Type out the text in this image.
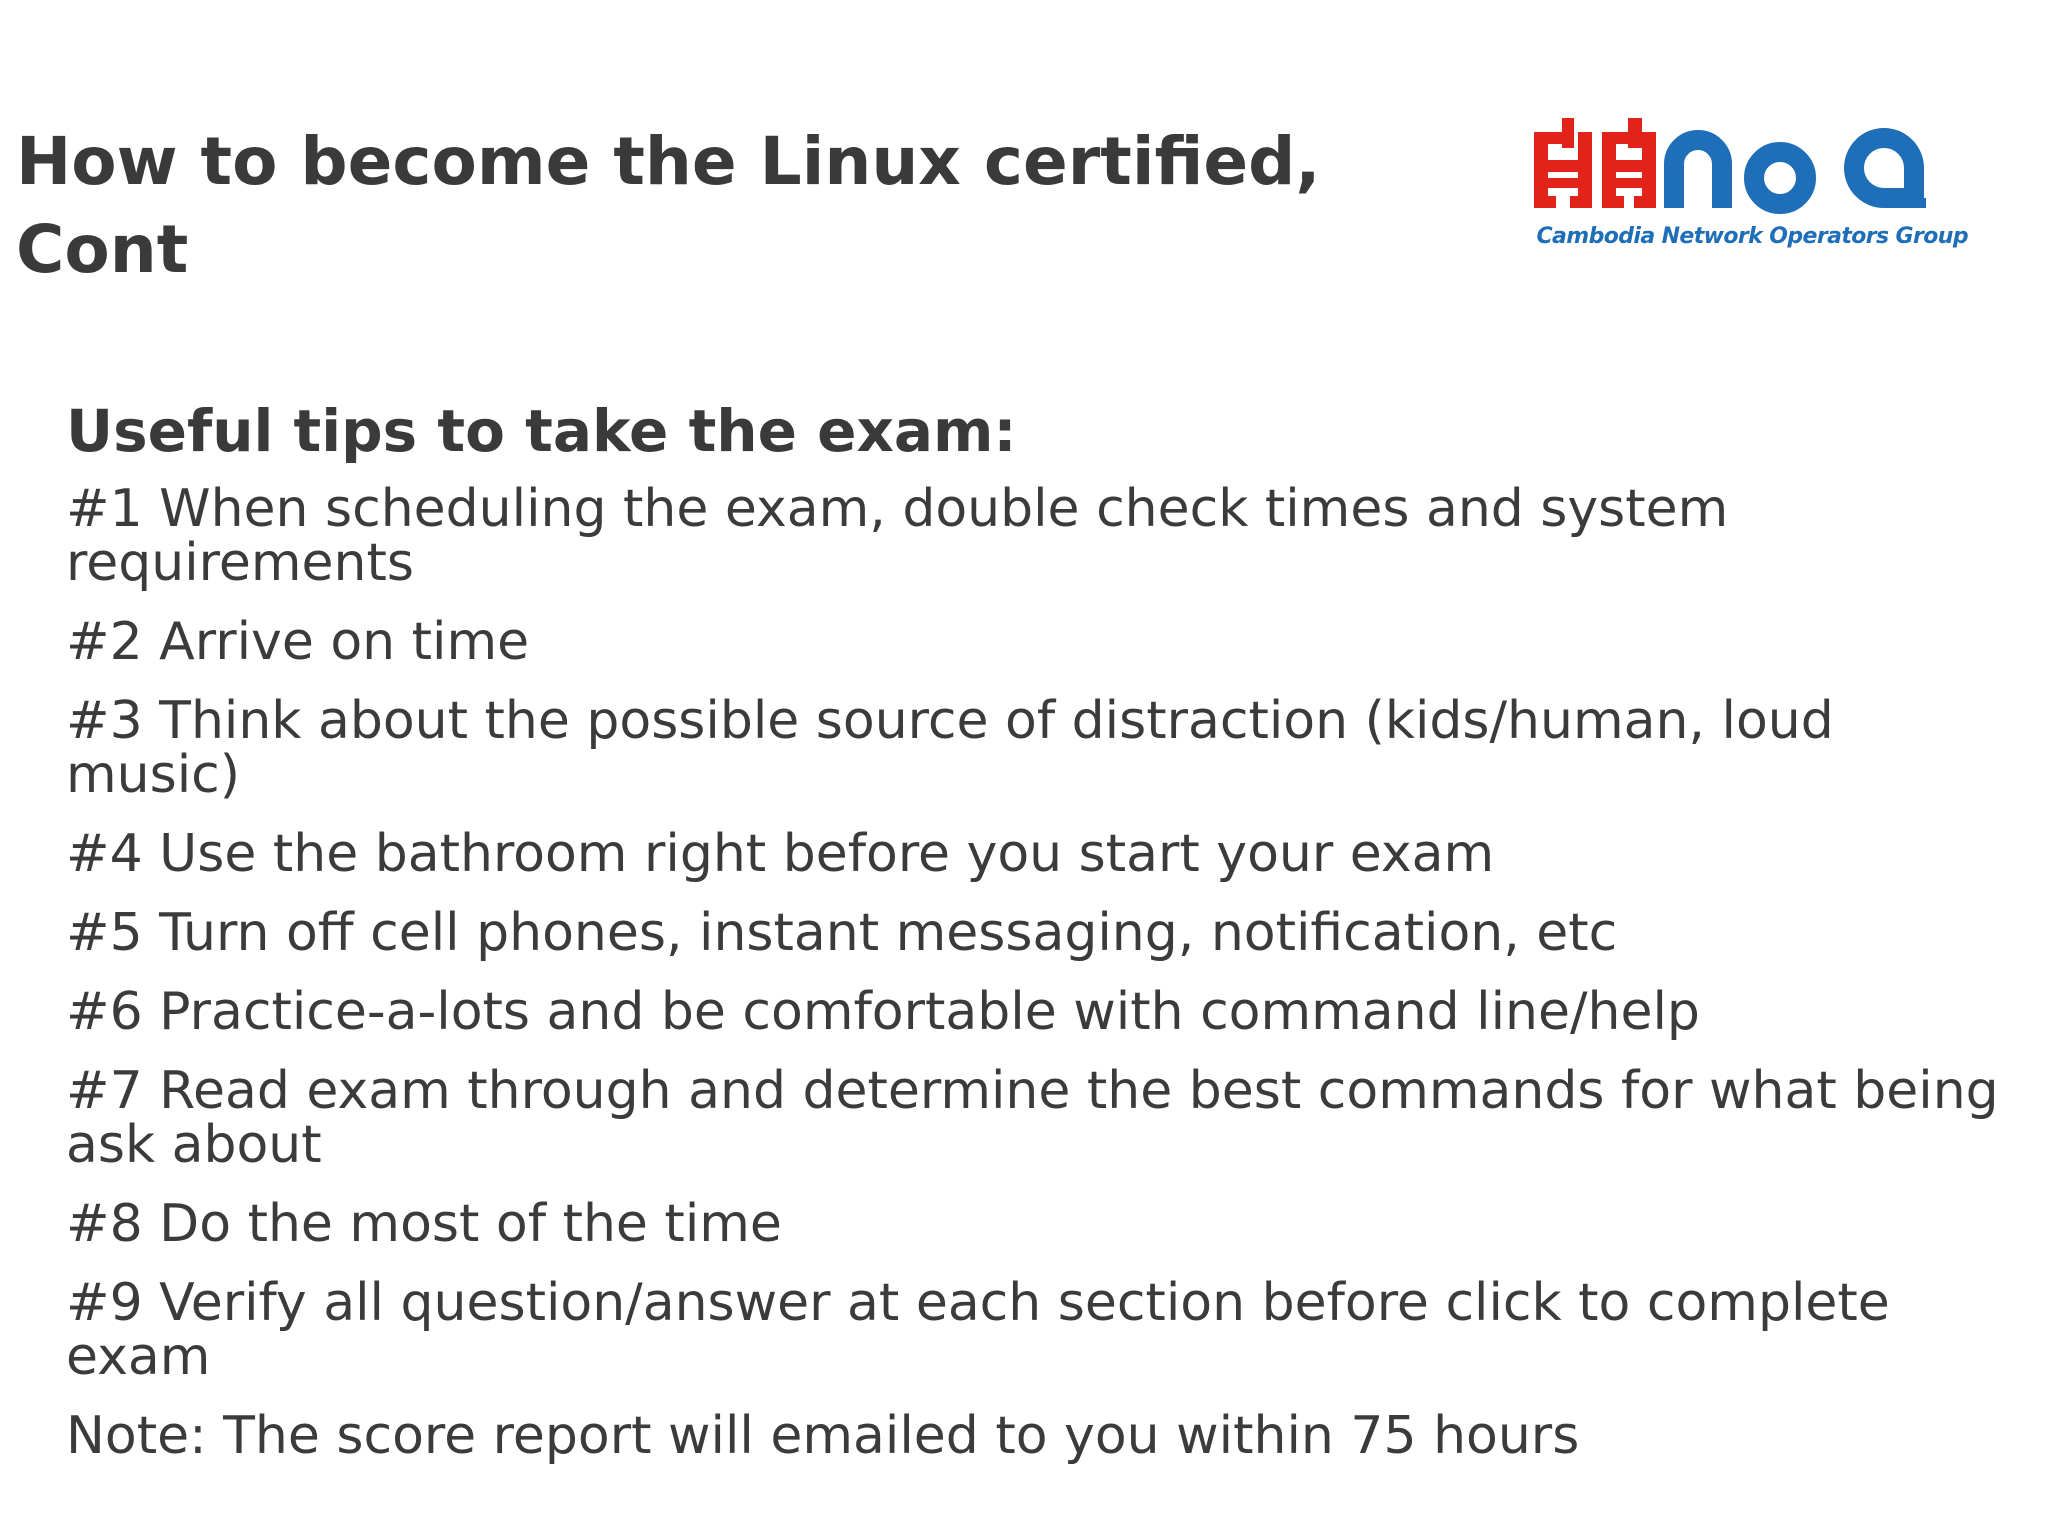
How to become the Linux certified,
Cont	Cambodia Network Operators Group
Useful tips to take the exam:
#1 When scheduling the exam, double check times and system requirements
#2 Arrive on time
#3 Think about the possible source of distraction (kids/human, loud music)
#4 Use the bathroom right before you start your exam
#5 Turn off cell phones, instant messaging, notification, etc
#6 Practice-a-lots and be comfortable with command line/help
#7 Read exam through and determine the best commands for what being ask about
#8 Do the most of the time
#9 Verify all question/answer at each section before click to complete exam

Note: The score report will emailed to you within 75 hours
